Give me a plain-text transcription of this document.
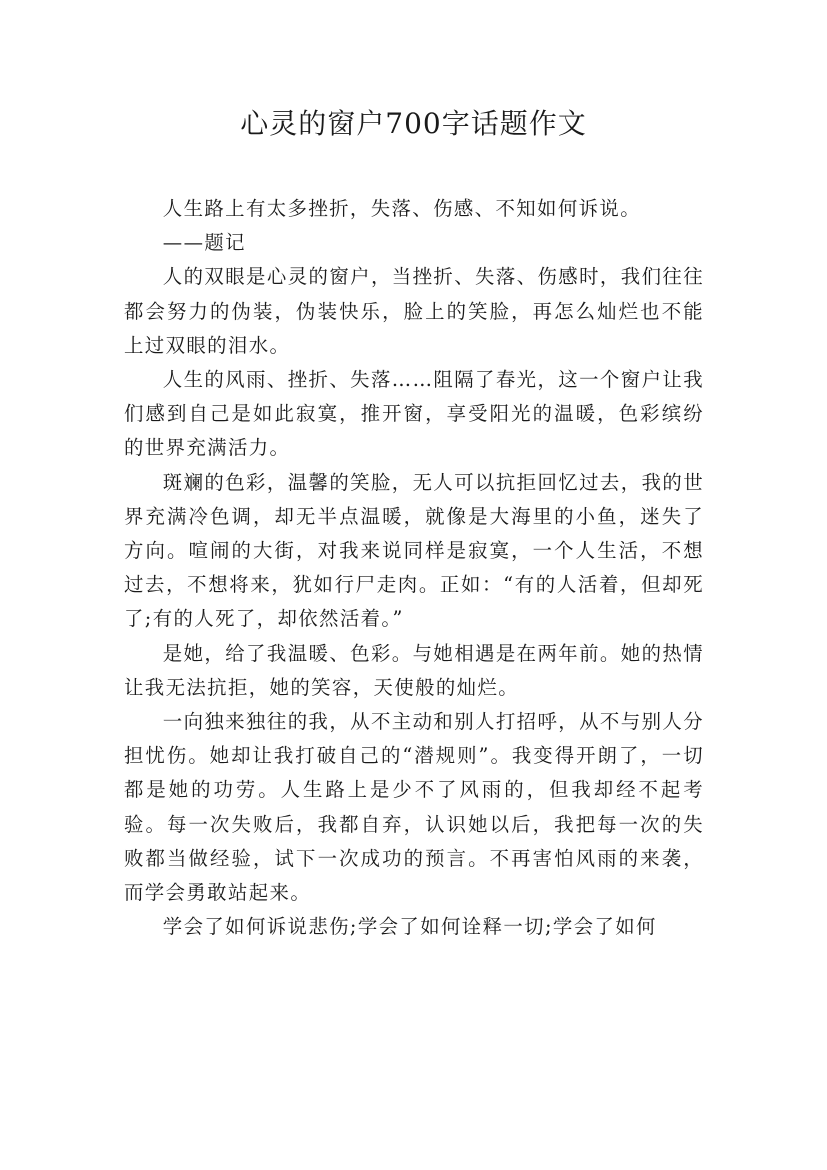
心灵的窗户700字话题作文

人生路上有太多挫折，失落、伤感、不知如何诉说。

——题记

人的双眼是心灵的窗户，当挫折、失落、伤感时，我们往往都会努力的伪装，伪装快乐，脸上的笑脸，再怎么灿烂也不能上过双眼的泪水。

人生的风雨、挫折、失落……阻隔了春光，这一个窗户让我们感到自己是如此寂寞，推开窗，享受阳光的温暖，色彩缤纷的世界充满活力。

斑斓的色彩，温馨的笑脸，无人可以抗拒回忆过去，我的世界充满冷色调，却无半点温暖，就像是大海里的小鱼，迷失了方向。喧闹的大街，对我来说同样是寂寞，一个人生活，不想过去，不想将来，犹如行尸走肉。正如：“有的人活着，但却死了;有的人死了，却依然活着。”

是她，给了我温暖、色彩。与她相遇是在两年前。她的热情让我无法抗拒，她的笑容，天使般的灿烂。

一向独来独往的我，从不主动和别人打招呼，从不与别人分担忧伤。她却让我打破自己的“潜规则”。我变得开朗了，一切都是她的功劳。人生路上是少不了风雨的，但我却经不起考验。每一次失败后，我都自弃，认识她以后，我把每一次的失败都当做经验，试下一次成功的预言。不再害怕风雨的来袭，而学会勇敢站起来。

学会了如何诉说悲伤;学会了如何诠释一切;学会了如何
